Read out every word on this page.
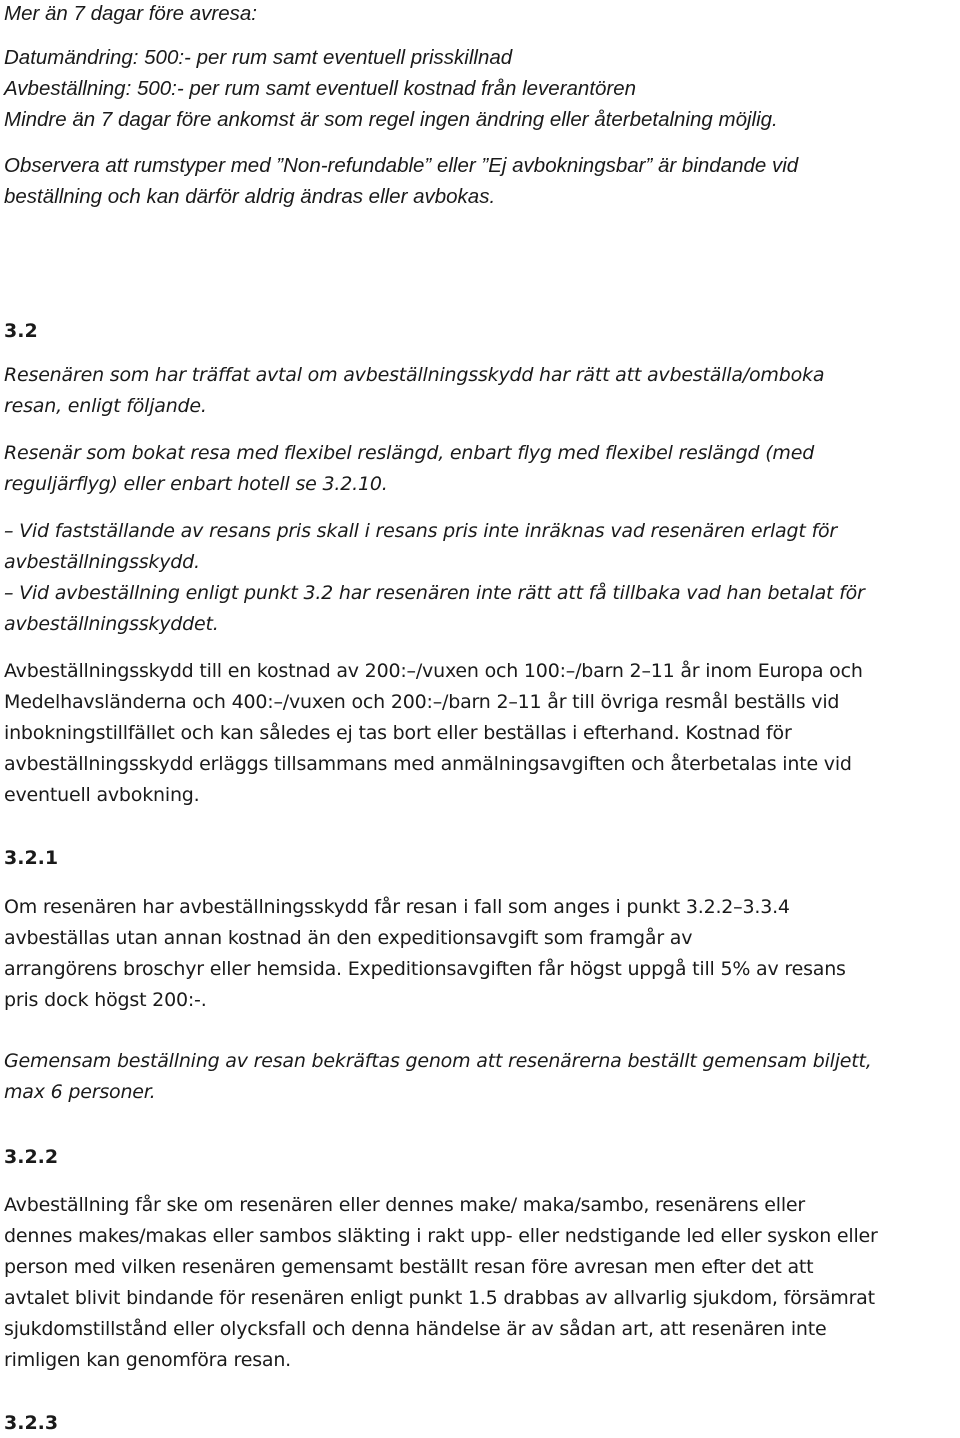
Mer än 7 dagar före avresa:
Datumändring: 500:- per rum samt eventuell prisskillnad
Avbeställning: 500:- per rum samt eventuell kostnad från leverantören
Mindre än 7 dagar före ankomst är som regel ingen ändring eller återbetalning möjlig.
Observera att rumstyper med ”Non-refundable” eller ”Ej avbokningsbar” är bindande vid
beställning och kan därför aldrig ändras eller avbokas.
3.2
Resenären som har träffat avtal om avbeställningsskydd har rätt att avbeställa/omboka
resan, enligt följande.
Resenär som bokat resa med flexibel reslängd, enbart flyg med flexibel reslängd (med
reguljärflyg) eller enbart hotell se 3.2.10.
– Vid fastställande av resans pris skall i resans pris inte inräknas vad resenären erlagt för
avbeställningsskydd.
– Vid avbeställning enligt punkt 3.2 har resenären inte rätt att få tillbaka vad han betalat för
avbeställningsskyddet.
Avbeställningsskydd till en kostnad av 200:–/vuxen och 100:–/barn 2–11 år inom Europa och
Medelhavsländerna och 400:–/vuxen och 200:–/barn 2–11 år till övriga resmål beställs vid
inbokningstillfället och kan således ej tas bort eller beställas i efterhand. Kostnad för
avbeställningsskydd erläggs tillsammans med anmälningsavgiften och återbetalas inte vid
eventuell avbokning.
3.2.1
Om resenären har avbeställningsskydd får resan i fall som anges i punkt 3.2.2–3.3.4
avbeställas utan annan kostnad än den expeditionsavgift som framgår av
arrangörens broschyr eller hemsida. Expeditionsavgiften får högst uppgå till 5% av resans
pris dock högst 200:-.
Gemensam beställning av resan bekräftas genom att resenärerna beställt gemensam biljett,
max 6 personer.
3.2.2
Avbeställning får ske om resenären eller dennes make/ maka/sambo, resenärens eller
dennes makes/makas eller sambos släkting i rakt upp- eller nedstigande led eller syskon eller
person med vilken resenären gemensamt beställt resan före avresan men efter det att
avtalet blivit bindande för resenären enligt punkt 1.5 drabbas av allvarlig sjukdom, försämrat
sjukdomstillstånd eller olycksfall och denna händelse är av sådan art, att resenären inte
rimligen kan genomföra resan.
3.2.3
